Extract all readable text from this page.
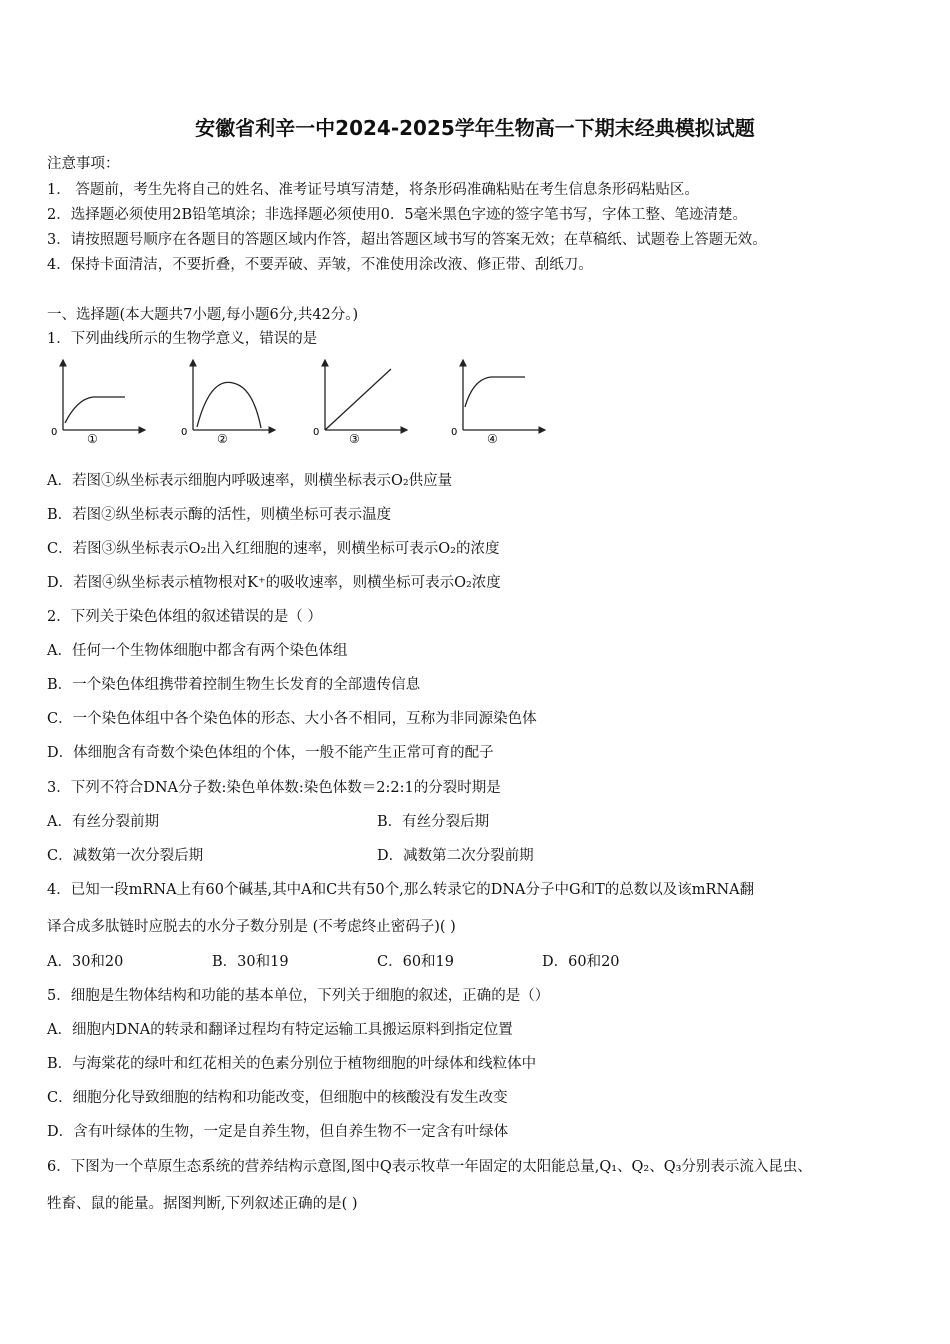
安徽省利辛一中2024-2025学年生物高一下期末经典模拟试题
注意事项：
1． 答题前，考生先将自己的姓名、准考证号填写清楚，将条形码准确粘贴在考生信息条形码粘贴区。
2．选择题必须使用2B铅笔填涂；非选择题必须使用0．5毫米黑色字迹的签字笔书写，字体工整、笔迹清楚。
3．请按照题号顺序在各题目的答题区域内作答，超出答题区域书写的答案无效；在草稿纸、试题卷上答题无效。
4．保持卡面清洁，不要折叠，不要弄破、弄皱，不准使用涂改液、修正带、刮纸刀。
一、选择题(本大题共7小题,每小题6分,共42分。)
1．下列曲线所示的生物学意义，错误的是
0 ①	0 ②	0 ③	0 ④
A．若图①纵坐标表示细胞内呼吸速率，则横坐标表示O₂供应量
B．若图②纵坐标表示酶的活性，则横坐标可表示温度
C．若图③纵坐标表示O₂出入红细胞的速率，则横坐标可表示O₂的浓度
D．若图④纵坐标表示植物根对K⁺的吸收速率，则横坐标可表示O₂浓度
2．下列关于染色体组的叙述错误的是（ ）
A．任何一个生物体细胞中都含有两个染色体组
B．一个染色体组携带着控制生物生长发育的全部遗传信息
C．一个染色体组中各个染色体的形态、大小各不相同，互称为非同源染色体
D．体细胞含有奇数个染色体组的个体，一般不能产生正常可育的配子
3．下列不符合DNA分子数:染色单体数:染色体数＝2:2:1的分裂时期是
A．有丝分裂前期	B．有丝分裂后期
C．减数第一次分裂后期	D．减数第二次分裂前期
4．已知一段mRNA上有60个碱基,其中A和C共有50个,那么转录它的DNA分子中G和T的总数以及该mRNA翻
译合成多肽链时应脱去的水分子数分别是 (不考虑终止密码子)( )
A．30和20	B．30和19	C．60和19	D．60和20
5．细胞是生物体结构和功能的基本单位，下列关于细胞的叙述，正确的是（）
A．细胞内DNA的转录和翻译过程均有特定运输工具搬运原料到指定位置
B．与海棠花的绿叶和红花相关的色素分别位于植物细胞的叶绿体和线粒体中
C．细胞分化导致细胞的结构和功能改变，但细胞中的核酸没有发生改变
D．含有叶绿体的生物，一定是自养生物，但自养生物不一定含有叶绿体
6．下图为一个草原生态系统的营养结构示意图,图中Q表示牧草一年固定的太阳能总量,Q₁、Q₂、Q₃分别表示流入昆虫、
牲畜、鼠的能量。据图判断,下列叙述正确的是( )
